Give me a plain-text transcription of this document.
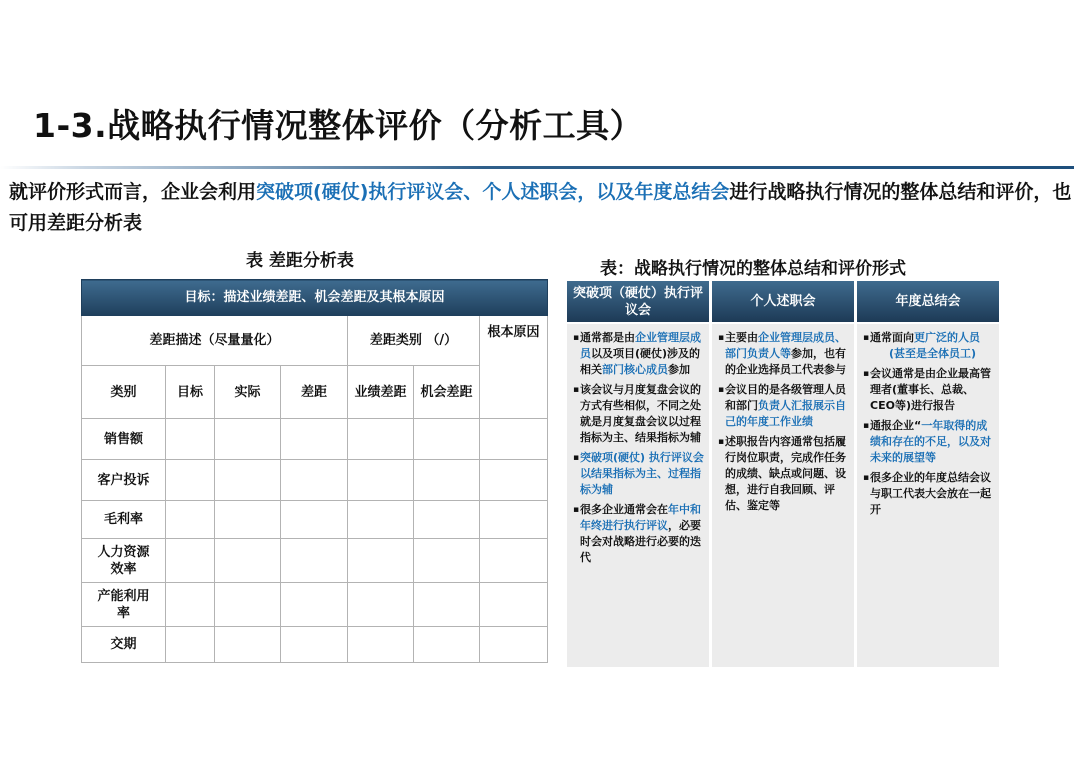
1-3.战略执行情况整体评价（分析工具）
就评价形式而言，企业会利用突破项(硬仗)执行评议会、个人述职会，以及年度总结会进行战略执行情况的整体总结和评价，也可用差距分析表
表 差距分析表	表：战略执行情况的整体总结和评价形式
目标：描述业绩差距、机会差距及其根本原因						
差距描述（尽量量化）				差距类别 （/）		根本原因
类别	目标	实际	差距	业绩差距	机会差距	
销售额						
客户投诉						
毛利率						
人力资源效率						
产能利用率						
交期						
突破项（硬仗）执行评议会
▪ 通常都是由企业管理层成员以及项目(硬仗)涉及的相关部门核心成员参加
▪ 该会议与月度复盘会议的方式有些相似，不同之处就是月度复盘会议以过程指标为主、结果指标为辅
▪ 突破项(硬仗) 执行评议会以结果指标为主、过程指标为辅
▪ 很多企业通常会在年中和年终进行执行评议，必要时会对战略进行必要的迭代
个人述职会
▪ 主要由企业管理层成员、部门负责人等参加，也有的企业选择员工代表参与
▪ 会议目的是各级管理人员和部门负责人汇报展示自己的年度工作业绩
▪ 述职报告内容通常包括履行岗位职责，完成作任务的成绩、缺点或问题、设想，进行自我回顾、评估、鉴定等
年度总结会
▪ 通常面向更广泛的人员

(甚至是全体员工)
▪ 会议通常是由企业最高管理者(董事长、总裁、CEO等)进行报告
▪ 通报企业“一年取得的成绩和存在的不足，以及对未来的展望等
▪ 很多企业的年度总结会议与职工代表大会放在一起开
